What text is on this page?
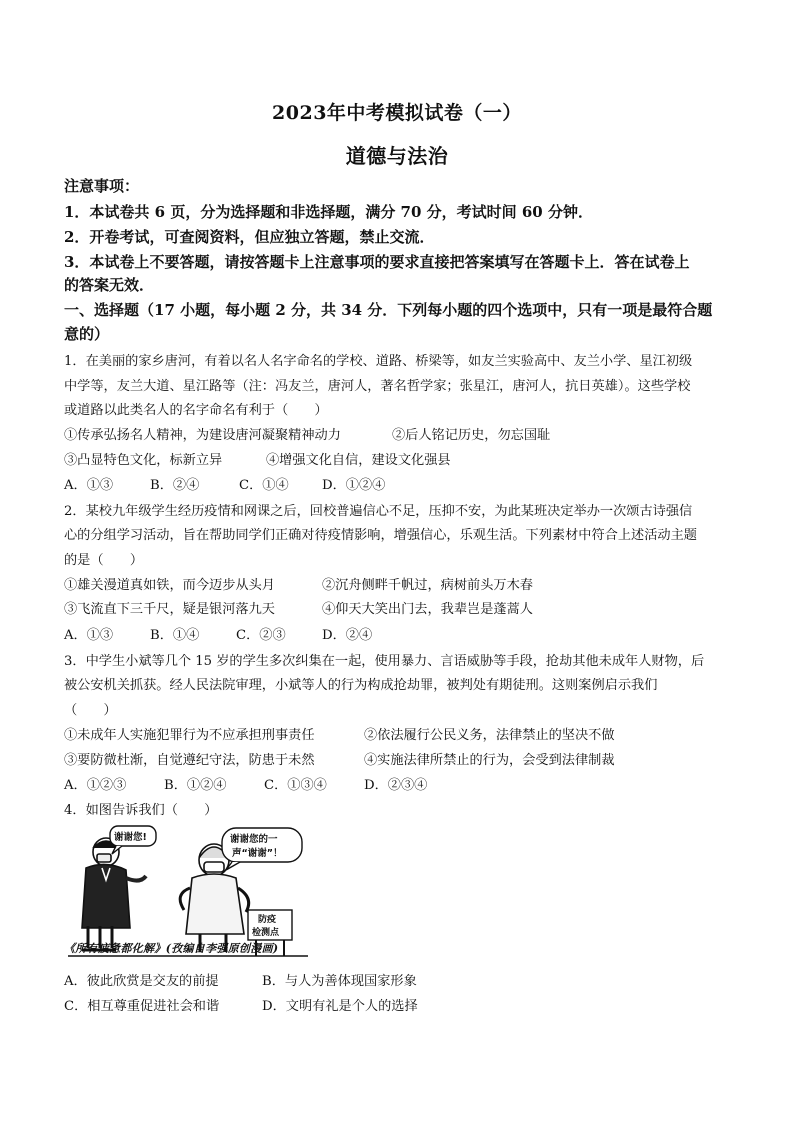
2023年中考模拟试卷（一）
道德与法治
注意事项：
1．本试卷共 6 页，分为选择题和非选择题，满分 70 分，考试时间 60 分钟．
2．开卷考试，可查阅资料，但应独立答题，禁止交流．
3．本试卷上不要答题，请按答题卡上注意事项的要求直接把答案填写在答题卡上．答在试卷上
的答案无效．
一、选择题（17 小题，每小题 2 分，共 34 分．下列每小题的四个选项中，只有一项是最符合题
意的）
1．在美丽的家乡唐河，有着以名人名字命名的学校、道路、桥梁等，如友兰实验高中、友兰小学、星江初级
中学等，友兰大道、星江路等（注：冯友兰，唐河人，著名哲学家；张星江，唐河人，抗日英雄）。这些学校
或道路以此类名人的名字命名有利于（　　）
①传承弘扬名人精神，为建设唐河凝聚精神动力	②后人铭记历史，勿忘国耻
③凸显特色文化，标新立异	④增强文化自信，建设文化强县
A．①③	B．②④	C．①④	D．①②④
2．某校九年级学生经历疫情和网课之后，回校普遍信心不足，压抑不安，为此某班决定举办一次颂古诗强信
心的分组学习活动，旨在帮助同学们正确对待疫情影响，增强信心，乐观生活。下列素材中符合上述活动主题
的是（　　）
①雄关漫道真如铁，而今迈步从头月	②沉舟侧畔千帆过，病树前头万木春
③飞流直下三千尺，疑是银河落九天	④仰天大笑出门去，我辈岂是蓬蒿人
A．①③	B．①④	C．②③	D．②④
3．中学生小斌等几个 15 岁的学生多次纠集在一起，使用暴力、言语威胁等手段，抢劫其他未成年人财物，后
被公安机关抓获。经人民法院审理，小斌等人的行为构成抢劫罪，被判处有期徒刑。这则案例启示我们
（　　）
①未成年人实施犯罪行为不应承担刑事责任	②依法履行公民义务，法律禁止的坚决不做
③要防微杜渐，自觉遵纪守法，防患于未然	④实施法律所禁止的行为，会受到法律制裁
A．①②③	B．①②④	C．①③④	D．②③④
4．如图告诉我们（　　）
谢谢您!	谢谢您的一
声“谢谢”！
防疫
检测点
《所有疲惫都化解》(孜编自李强原创漫画)
A．彼此欣赏是交友的前提	B．与人为善体现国家形象
C．相互尊重促进社会和谐	D．文明有礼是个人的选择
